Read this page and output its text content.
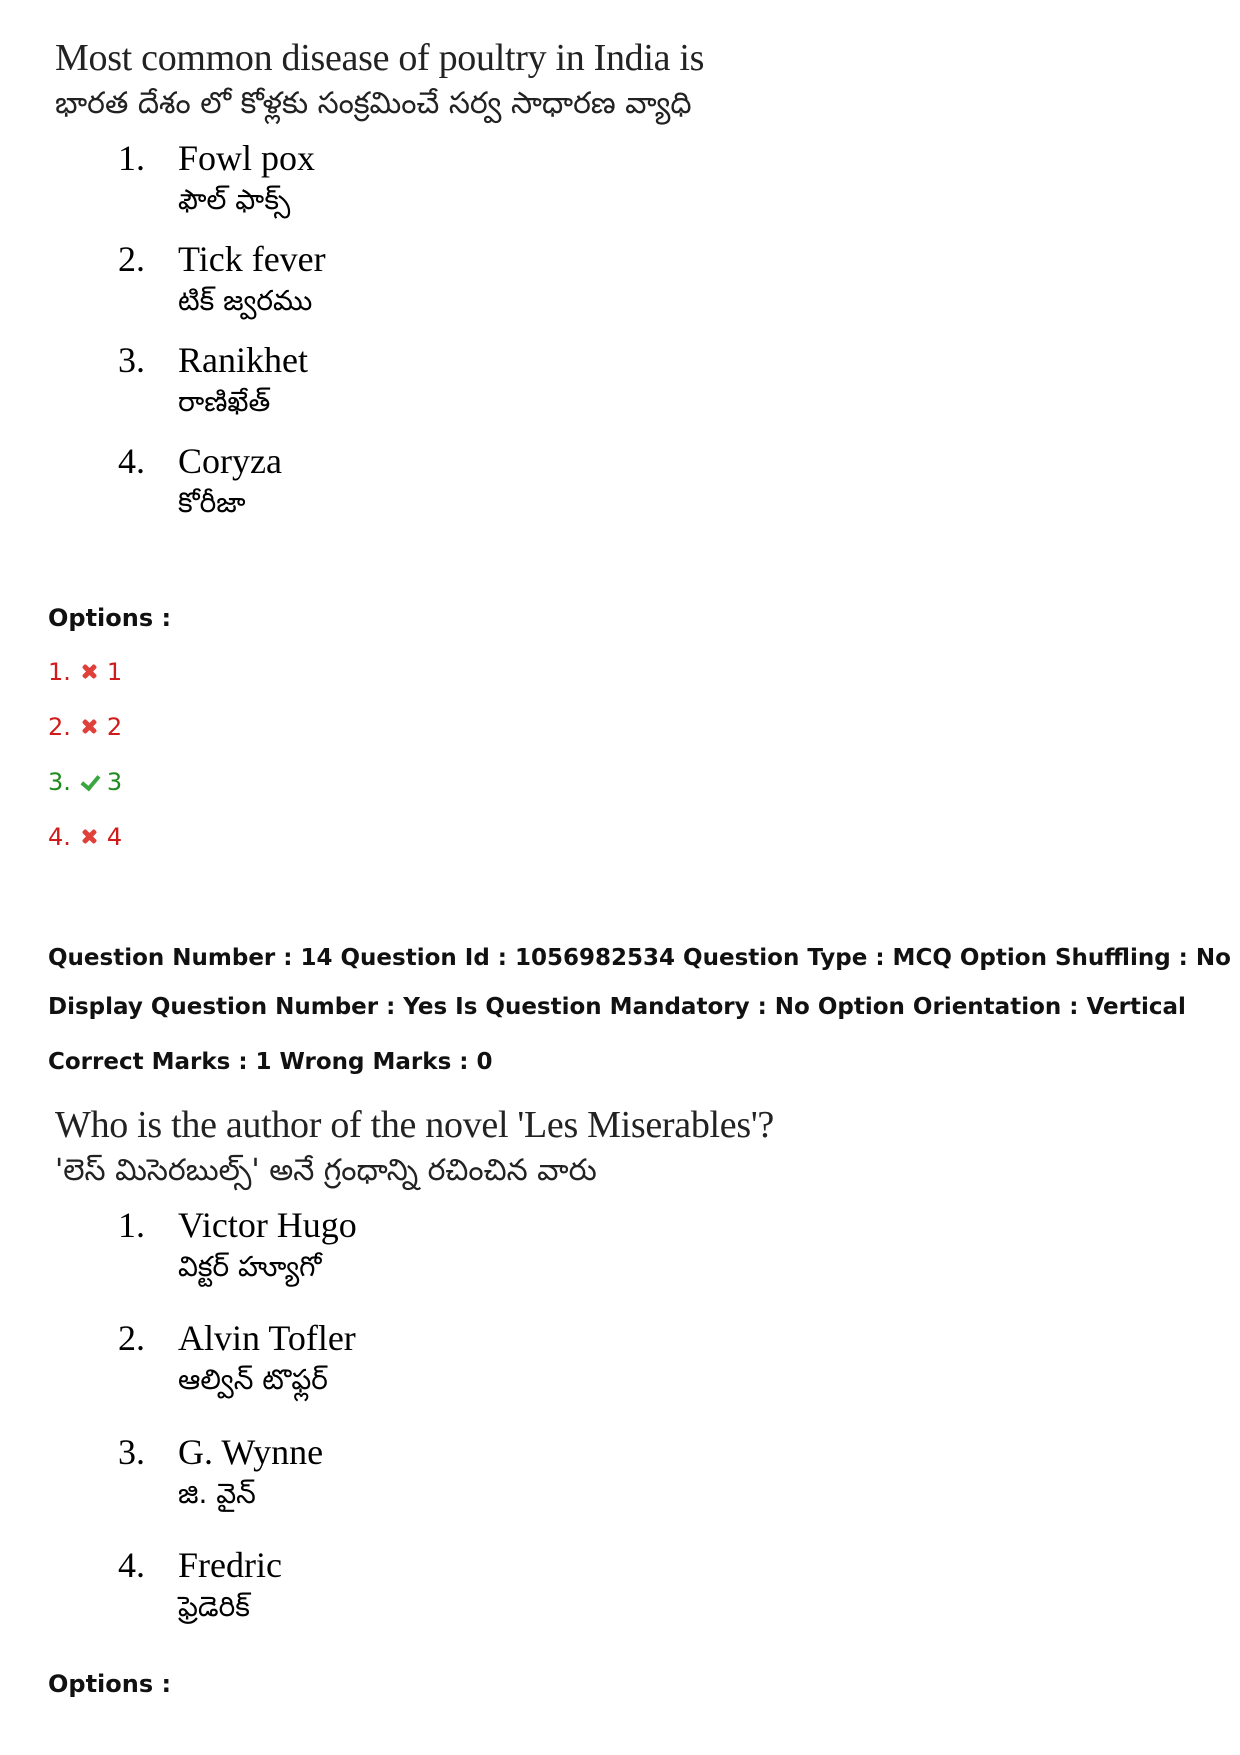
Most common disease of poultry in India is
భారత దేశం లో కోళ్లకు సంక్రమించే సర్వ సాధారణ వ్యాధి
1. Fowl pox
ఫౌల్ ఫాక్స్
2. Tick fever
టిక్ జ్వరము
3. Ranikhet
రాణిఖేత్
4. Coryza
కోరీజా
Options :
1. 1
2. 2
3. 3
4. 4
Question Number : 14 Question Id : 1056982534 Question Type : MCQ Option Shuffling : No
Display Question Number : Yes Is Question Mandatory : No Option Orientation : Vertical
Correct Marks : 1 Wrong Marks : 0
Who is the author of the novel 'Les Miserables'?
'లెస్ మిసెరబుల్స్' అనే గ్రంధాన్ని రచించిన వారు
1. Victor Hugo
విక్టర్ హ్యూగో
2. Alvin Tofler
ఆల్విన్ టొఫ్లర్
3. G. Wynne
జి. వైన్
4. Fredric
ఫ్రెడెరిక్
Options :
